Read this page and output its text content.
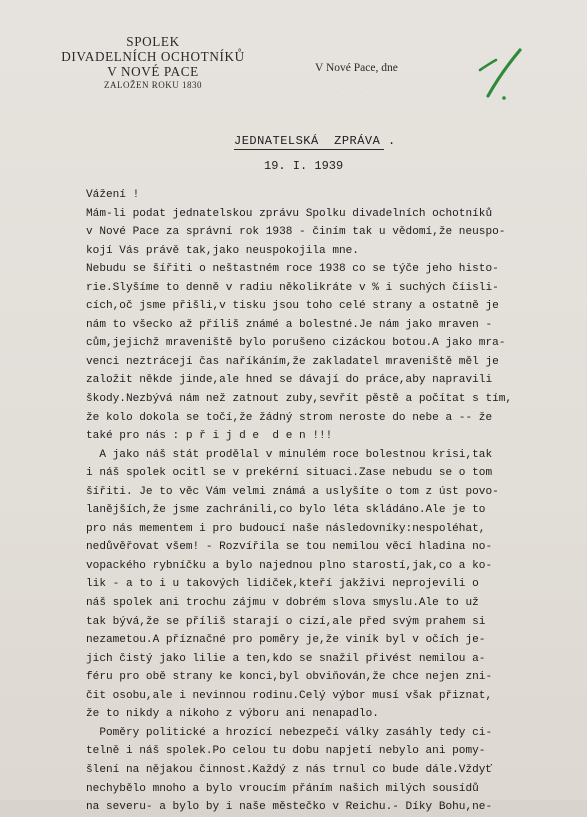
SPOLEK
DIVADELNÍCH OCHOTNÍKŮ
V NOVÉ PACE
ZALOŽEN ROKU 1830
V Nové Pace, dne
1.
· · ·
JEDNATELSKÁ  ZPRÁVA .
19. I. 1939
Vážení !
Mám-li podat jednatelskou zprávu Spolku divadelních ochotníků
v Nové Pace za správní rok 1938 - činím tak u vědomí,že neuspo-
kojí Vás právě tak,jako neuspokojila mne.
Nebudu se šířiti o neštastném roce 1938 co se týče jeho histo-
rie.Slyšíme to denně v radiu několikráte v % i suchých číisli-
cích,oč jsme přišli,v tisku jsou toho celé strany a ostatně je
nám to všecko až příliš známé a bolestné.Je nám jako mraven -
cům,jejichž mraveniště bylo porušeno cizáckou botou.A jako mra-
venci neztrácejí čas naříkáním,že zakladatel mraveniště měl je
založit někde jinde,ale hned se dávají do práce,aby napravili
škody.Nezbývá nám než zatnout zuby,sevřít pěstě a počítat s tím,
že kolo dokola se točí,že žádný strom neroste do nebe a -- že
také pro nás : p ř i j d e  d e n !!!
A jako náš stát prodělal v minulém roce bolestnou krisi,tak
i náš spolek ocitl se v prekérní situaci.Zase nebudu se o tom
šířiti. Je to věc Vám velmi známá a uslyšíte o tom z úst povo-
lanějších,že jsme zachránili,co bylo léta skládáno.Ale je to
pro nás mementem i pro budoucí naše následovníky:nespoléhat,
nedůvěřovat všem! - Rozvířila se tou nemilou věcí hladina no-
vopackého rybníčku a bylo najednou plno starostí,jak,co a ko-
lik - a to i u takových lidiček,kteří jakživi neprojevili o
náš spolek ani trochu zájmu v dobrém slova smyslu.Ale to už
tak bývá,že se příliš starají o cizí,ale před svým prahem si
nezametou.A příznačné pro poměry je,že viník byl v očích je-
jich čistý jako lilie a ten,kdo se snažil přivést nemilou a-
féru pro obě strany ke konci,byl obviňován,že chce nejen zni-
čit osobu,ale i nevinnou rodinu.Celý výbor musí však přiznat,
že to nikdy a nikoho z výboru ani nenapadlo.
Poměry politické a hrozící nebezpečí války zasáhly tedy ci-
telně i náš spolek.Po celou tu dobu napjetí nebylo ani pomy-
šlení na nějakou činnost.Každý z nás trnul co bude dále.Vždyť
nechybělo mnoho a bylo vroucím přáním našich milých sousídů
na severu- a bylo by i naše městečko v Reichu.- Díky Bohu,ne-
